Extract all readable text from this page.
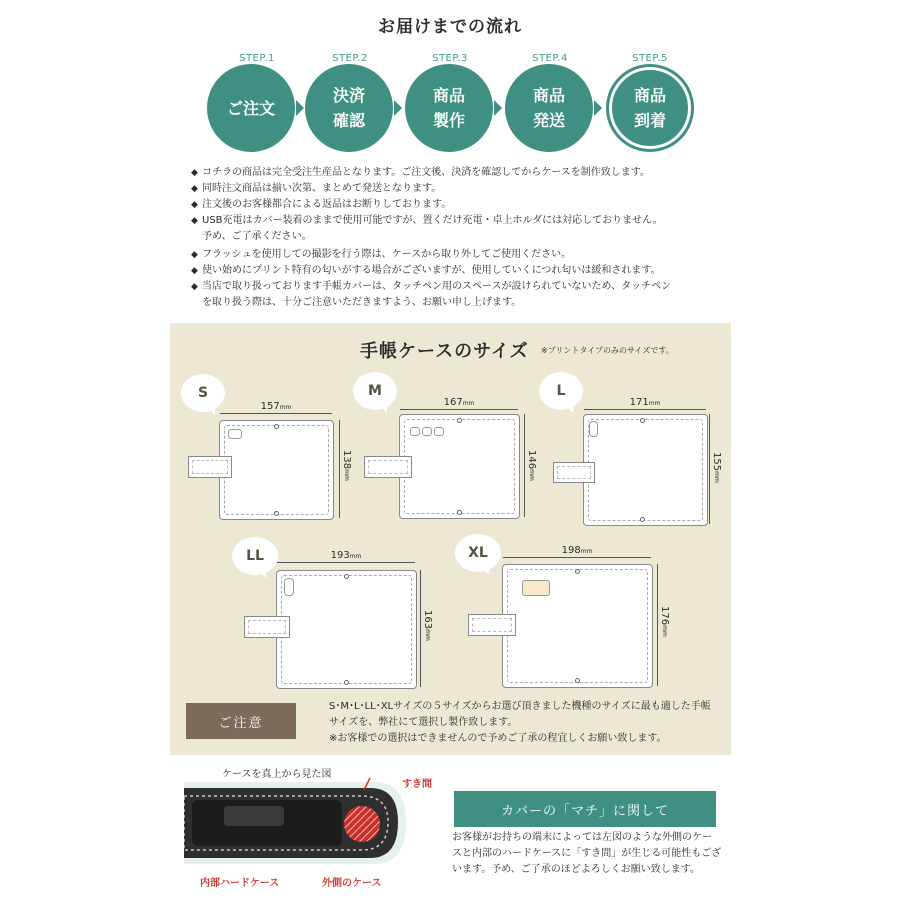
お届けまでの流れ
STEP.1
ご注文
STEP.2
決済
確認
STEP.3
商品
製作
STEP.4
商品
発送
STEP.5
商品
到着
◆ コチラの商品は完全受注生産品となります。ご注文後、決済を確認してからケースを制作致します。
◆ 同時注文商品は揃い次第、まとめて発送となります。
◆ 注文後のお客様都合による返品はお断りしております。
◆ USB充電はカバー装着のままで使用可能ですが、置くだけ充電・卓上ホルダには対応しておりません。
予め、ご了承ください。
◆ フラッシュを使用しての撮影を行う際は、ケースから取り外してご使用ください。
◆ 使い始めにプリント特有の匂いがする場合がございますが、使用していくにつれ匂いは緩和されます。
◆ 当店で取り扱っております手帳カバーは、タッチペン用のスペースが設けられていないため、タッチペン
を取り扱う際は、十分ご注意いただきますよう、お願い申し上げます。
手帳ケースのサイズ ※プリントタイプのみのサイズです。
S
157mm
138mm
M
167mm
146mm
L
171mm
155mm
LL	193mm
163mm
XL	198mm
176mm
ご注意
S･M･L･LL･XLサイズの５サイズからお選び頂きました機種のサイズに最も適した手帳
サイズを、弊社にて選択し製作致します。
※お客様での選択はできませんので予めご了承の程宜しくお願い致します。
ケースを真上から見た図
すき間
内部ハードケース	外側のケース
カバーの「マチ」に関して
お客様がお持ちの端末によっては左図のような外側のケー
スと内部のハードケースに「すき間」が生じる可能性もござ
います。予め、ご了承のほどよろしくお願い致します。
